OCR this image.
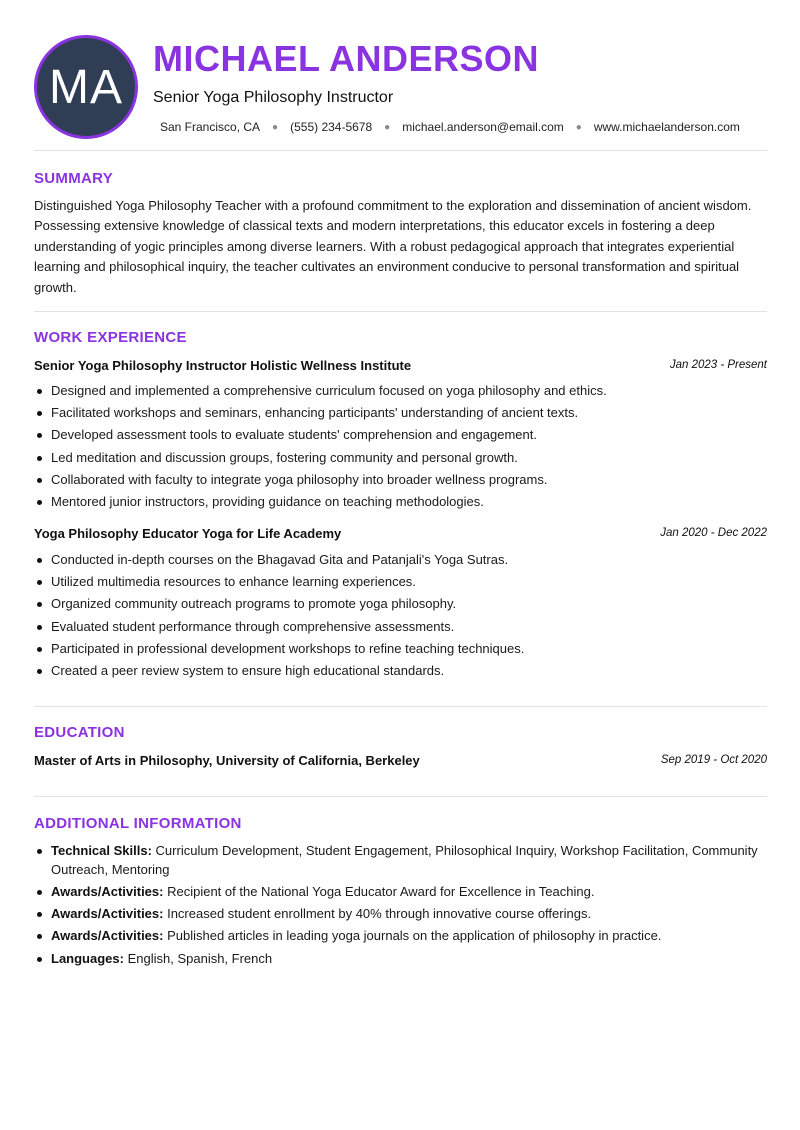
MA
MICHAEL ANDERSON
Senior Yoga Philosophy Instructor
San Francisco, CA ● (555) 234-5678 ● michael.anderson@email.com ● www.michaelanderson.com
SUMMARY
Distinguished Yoga Philosophy Teacher with a profound commitment to the exploration and dissemination of ancient wisdom. Possessing extensive knowledge of classical texts and modern interpretations, this educator excels in fostering a deep understanding of yogic principles among diverse learners. With a robust pedagogical approach that integrates experiential learning and philosophical inquiry, the teacher cultivates an environment conducive to personal transformation and spiritual growth.
WORK EXPERIENCE
Senior Yoga Philosophy Instructor Holistic Wellness Institute	Jan 2023 - Present
Designed and implemented a comprehensive curriculum focused on yoga philosophy and ethics.
Facilitated workshops and seminars, enhancing participants' understanding of ancient texts.
Developed assessment tools to evaluate students' comprehension and engagement.
Led meditation and discussion groups, fostering community and personal growth.
Collaborated with faculty to integrate yoga philosophy into broader wellness programs.
Mentored junior instructors, providing guidance on teaching methodologies.
Yoga Philosophy Educator Yoga for Life Academy	Jan 2020 - Dec 2022
Conducted in-depth courses on the Bhagavad Gita and Patanjali's Yoga Sutras.
Utilized multimedia resources to enhance learning experiences.
Organized community outreach programs to promote yoga philosophy.
Evaluated student performance through comprehensive assessments.
Participated in professional development workshops to refine teaching techniques.
Created a peer review system to ensure high educational standards.
EDUCATION
Master of Arts in Philosophy, University of California, Berkeley	Sep 2019 - Oct 2020
ADDITIONAL INFORMATION
Technical Skills: Curriculum Development, Student Engagement, Philosophical Inquiry, Workshop Facilitation, Community Outreach, Mentoring
Awards/Activities: Recipient of the National Yoga Educator Award for Excellence in Teaching.
Awards/Activities: Increased student enrollment by 40% through innovative course offerings.
Awards/Activities: Published articles in leading yoga journals on the application of philosophy in practice.
Languages: English, Spanish, French
